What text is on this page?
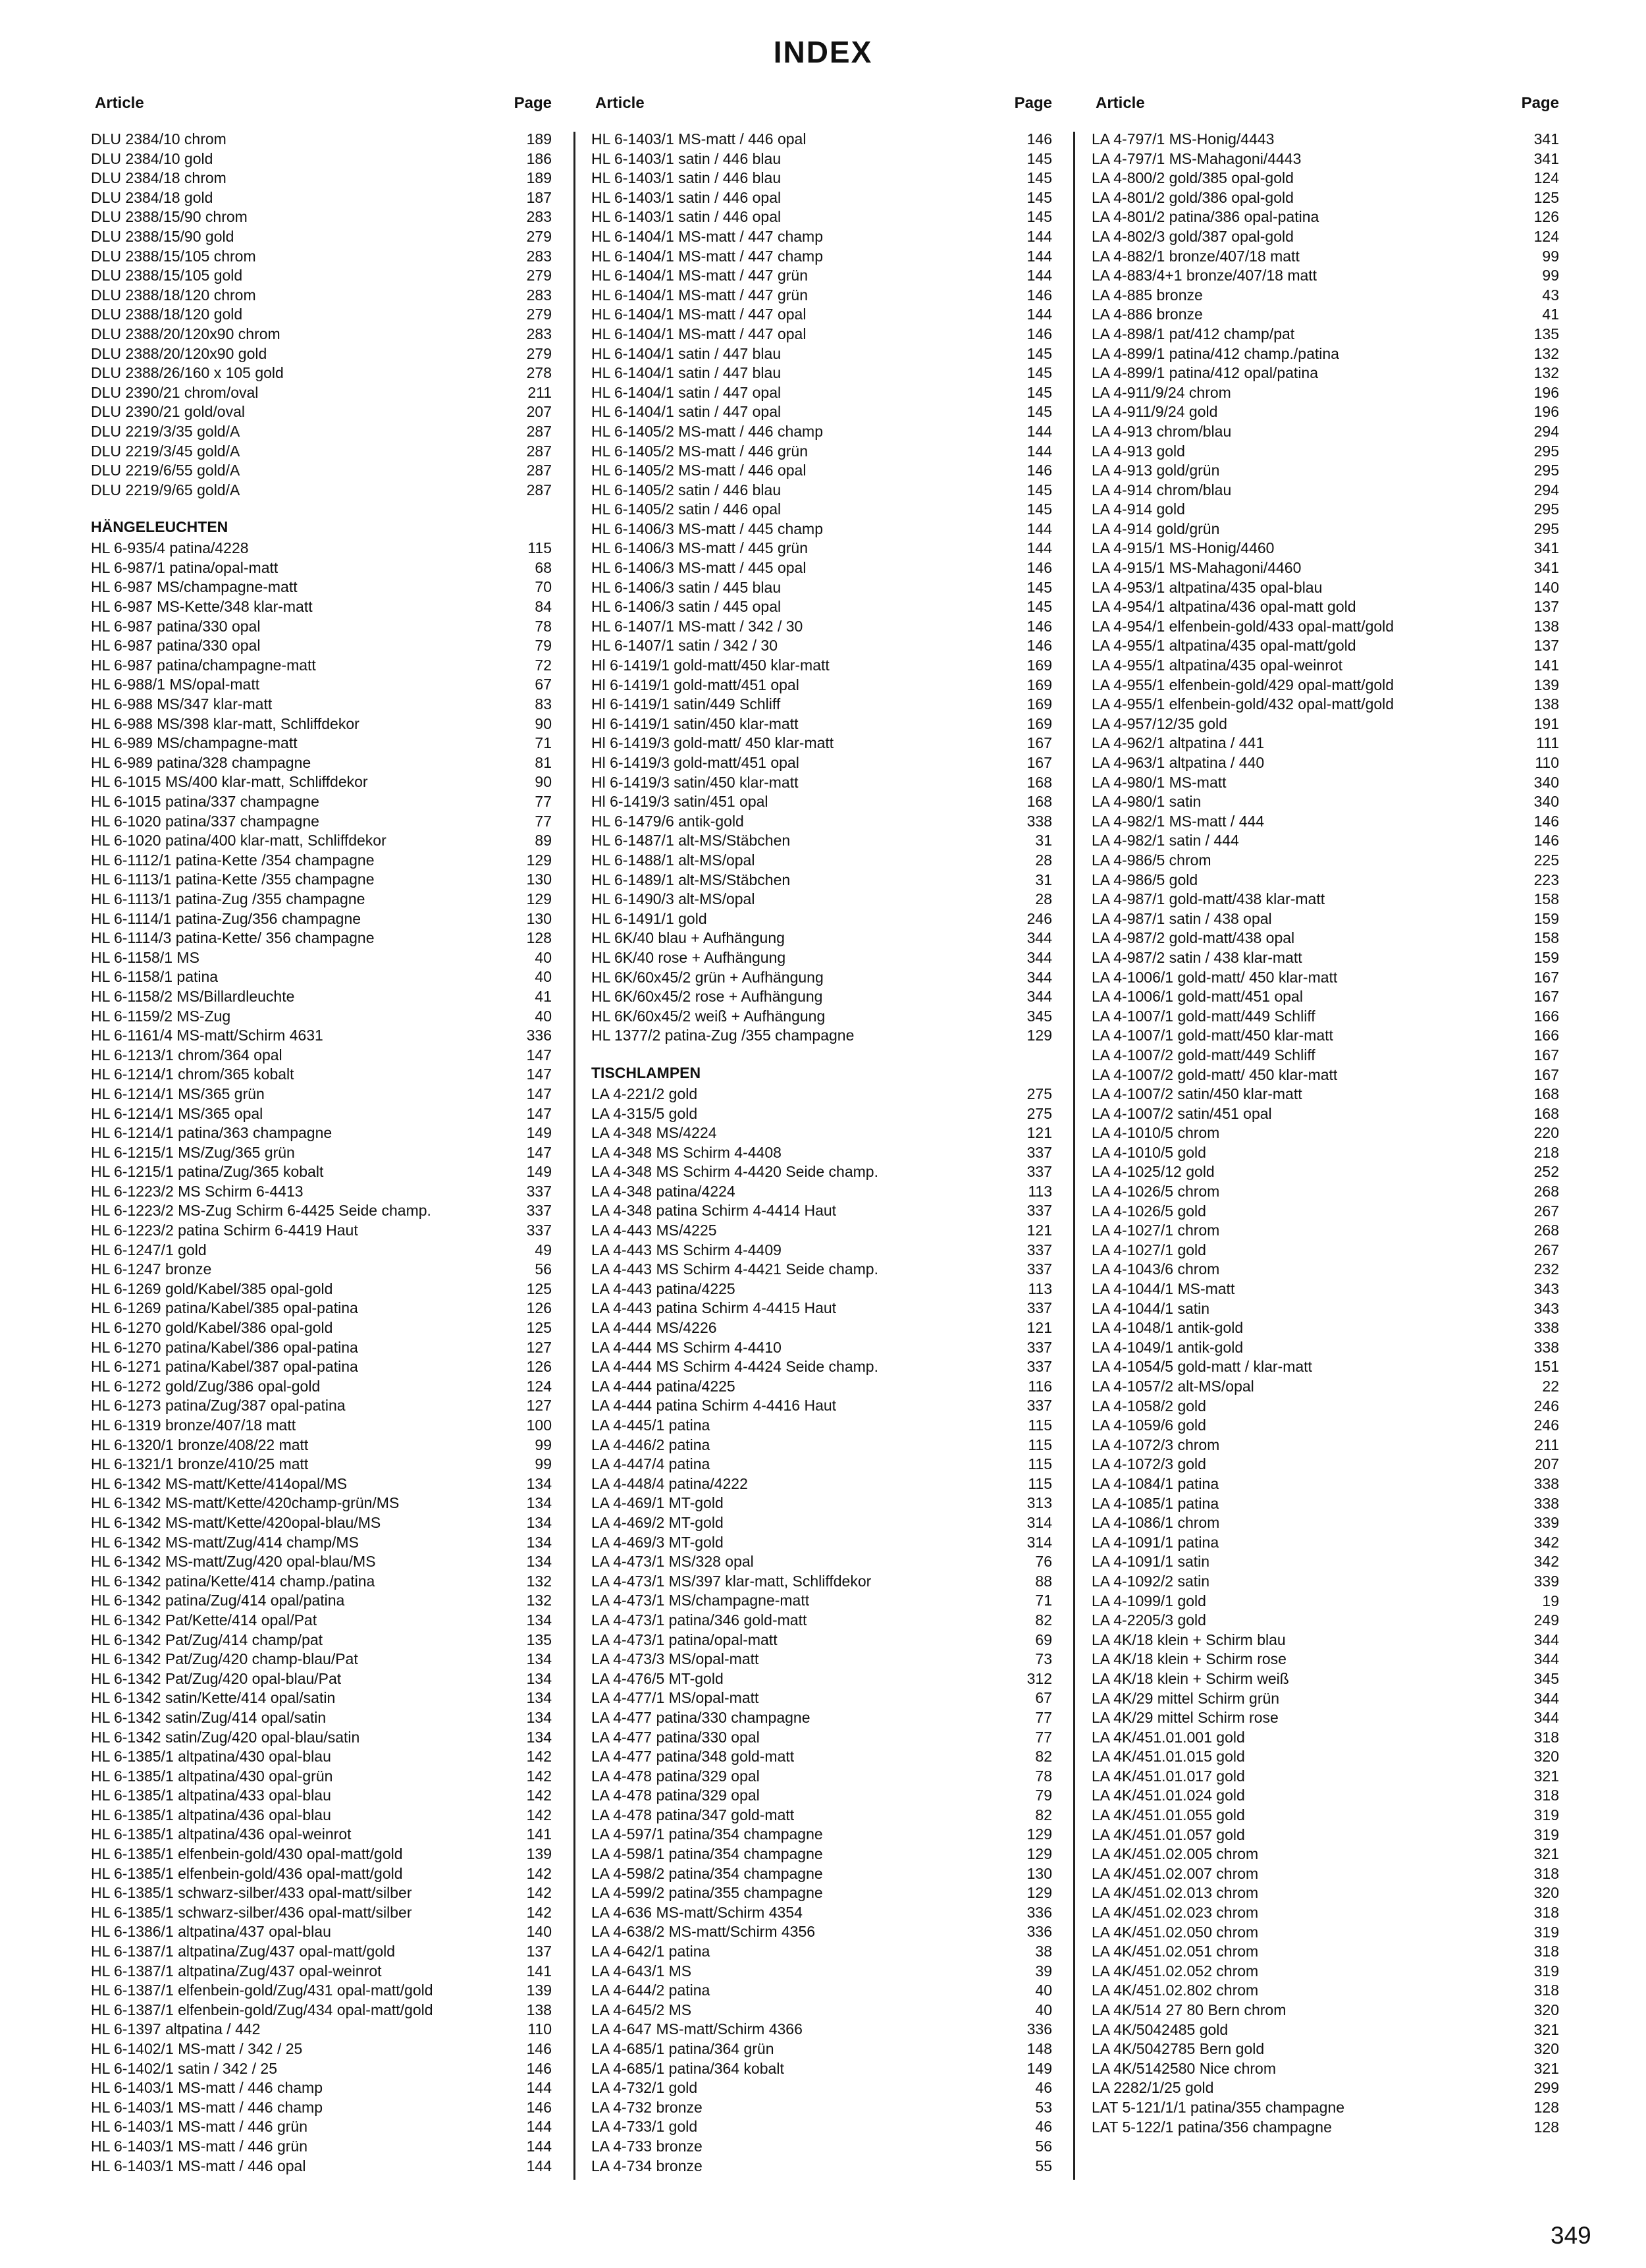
INDEX
Article	Page
DLU 2384/10 chrom	189
DLU 2384/10 gold	186
DLU 2384/18 chrom	189
DLU 2384/18 gold	187
DLU 2388/15/90 chrom	283
DLU 2388/15/90 gold	279
DLU 2388/15/105 chrom	283
DLU 2388/15/105 gold	279
DLU 2388/18/120 chrom	283
DLU 2388/18/120 gold	279
DLU 2388/20/120x90 chrom	283
DLU 2388/20/120x90 gold	279
DLU 2388/26/160 x 105 gold	278
DLU 2390/21 chrom/oval	211
DLU 2390/21 gold/oval	207
DLU 2219/3/35 gold/A	287
DLU 2219/3/45 gold/A	287
DLU 2219/6/55 gold/A	287
DLU 2219/9/65 gold/A	287
HÄNGELEUCHTEN
HL 6-935/4 patina/4228	115
HL 6-987/1 patina/opal-matt	68
HL 6-987 MS/champagne-matt	70
HL 6-987 MS-Kette/348 klar-matt	84
HL 6-987 patina/330 opal	78
HL 6-987 patina/330 opal	79
HL 6-987 patina/champagne-matt	72
HL 6-988/1 MS/opal-matt	67
HL 6-988 MS/347 klar-matt	83
HL 6-988 MS/398 klar-matt, Schliffdekor	90
HL 6-989 MS/champagne-matt	71
HL 6-989 patina/328 champagne	81
HL 6-1015 MS/400 klar-matt, Schliffdekor	90
HL 6-1015 patina/337 champagne	77
HL 6-1020 patina/337 champagne	77
HL 6-1020 patina/400 klar-matt, Schliffdekor	89
HL 6-1112/1 patina-Kette /354 champagne	129
HL 6-1113/1 patina-Kette /355 champagne	130
HL 6-1113/1 patina-Zug /355 champagne	129
HL 6-1114/1 patina-Zug/356 champagne	130
HL 6-1114/3 patina-Kette/ 356 champagne	128
HL 6-1158/1 MS	40
HL 6-1158/1 patina	40
HL 6-1158/2 MS/Billardleuchte	41
HL 6-1159/2 MS-Zug	40
HL 6-1161/4 MS-matt/Schirm 4631	336
HL 6-1213/1 chrom/364 opal	147
HL 6-1214/1 chrom/365 kobalt	147
HL 6-1214/1 MS/365 grün	147
HL 6-1214/1 MS/365 opal	147
HL 6-1214/1 patina/363 champagne	149
HL 6-1215/1 MS/Zug/365 grün	147
HL 6-1215/1 patina/Zug/365 kobalt	149
HL 6-1223/2 MS Schirm 6-4413	337
HL 6-1223/2 MS-Zug Schirm 6-4425 Seide champ.	337
HL 6-1223/2 patina Schirm 6-4419 Haut	337
HL 6-1247/1 gold	49
HL 6-1247 bronze	56
HL 6-1269 gold/Kabel/385 opal-gold	125
HL 6-1269 patina/Kabel/385 opal-patina	126
HL 6-1270 gold/Kabel/386 opal-gold	125
HL 6-1270 patina/Kabel/386 opal-patina	127
HL 6-1271 patina/Kabel/387 opal-patina	126
HL 6-1272 gold/Zug/386 opal-gold	124
HL 6-1273 patina/Zug/387 opal-patina	127
HL 6-1319 bronze/407/18 matt	100
HL 6-1320/1 bronze/408/22 matt	99
HL 6-1321/1 bronze/410/25 matt	99
HL 6-1342 MS-matt/Kette/414opal/MS	134
HL 6-1342 MS-matt/Kette/420champ-grün/MS	134
HL 6-1342 MS-matt/Kette/420opal-blau/MS	134
HL 6-1342 MS-matt/Zug/414 champ/MS	134
HL 6-1342 MS-matt/Zug/420 opal-blau/MS	134
HL 6-1342 patina/Kette/414 champ./patina	132
HL 6-1342 patina/Zug/414 opal/patina	132
HL 6-1342 Pat/Kette/414 opal/Pat	134
HL 6-1342 Pat/Zug/414 champ/pat	135
HL 6-1342 Pat/Zug/420 champ-blau/Pat	134
HL 6-1342 Pat/Zug/420 opal-blau/Pat	134
HL 6-1342 satin/Kette/414 opal/satin	134
HL 6-1342 satin/Zug/414 opal/satin	134
HL 6-1342 satin/Zug/420 opal-blau/satin	134
HL 6-1385/1 altpatina/430 opal-blau	142
HL 6-1385/1 altpatina/430 opal-grün	142
HL 6-1385/1 altpatina/433 opal-blau	142
HL 6-1385/1 altpatina/436 opal-blau	142
HL 6-1385/1 altpatina/436 opal-weinrot	141
HL 6-1385/1 elfenbein-gold/430 opal-matt/gold	139
HL 6-1385/1 elfenbein-gold/436 opal-matt/gold	142
HL 6-1385/1 schwarz-silber/433 opal-matt/silber	142
HL 6-1385/1 schwarz-silber/436 opal-matt/silber	142
HL 6-1386/1 altpatina/437 opal-blau	140
HL 6-1387/1 altpatina/Zug/437 opal-matt/gold	137
HL 6-1387/1 altpatina/Zug/437 opal-weinrot	141
HL 6-1387/1 elfenbein-gold/Zug/431 opal-matt/gold	139
HL 6-1387/1 elfenbein-gold/Zug/434 opal-matt/gold	138
HL 6-1397 altpatina / 442	110
HL 6-1402/1 MS-matt / 342 / 25	146
HL 6-1402/1 satin / 342 / 25	146
HL 6-1403/1 MS-matt / 446 champ	144
HL 6-1403/1 MS-matt / 446 champ	146
HL 6-1403/1 MS-matt / 446 grün	144
HL 6-1403/1 MS-matt / 446 grün	144
HL 6-1403/1 MS-matt / 446 opal	144
Article	Page
HL 6-1403/1 MS-matt / 446 opal	146
HL 6-1403/1 satin / 446 blau	145
HL 6-1403/1 satin / 446 blau	145
HL 6-1403/1 satin / 446 opal	145
HL 6-1403/1 satin / 446 opal	145
HL 6-1404/1 MS-matt / 447 champ	144
HL 6-1404/1 MS-matt / 447 champ	144
HL 6-1404/1 MS-matt / 447 grün	144
HL 6-1404/1 MS-matt / 447 grün	146
HL 6-1404/1 MS-matt / 447 opal	144
HL 6-1404/1 MS-matt / 447 opal	146
HL 6-1404/1 satin / 447 blau	145
HL 6-1404/1 satin / 447 blau	145
HL 6-1404/1 satin / 447 opal	145
HL 6-1404/1 satin / 447 opal	145
HL 6-1405/2 MS-matt / 446 champ	144
HL 6-1405/2 MS-matt / 446 grün	144
HL 6-1405/2 MS-matt / 446 opal	146
HL 6-1405/2 satin / 446 blau	145
HL 6-1405/2 satin / 446 opal	145
HL 6-1406/3 MS-matt / 445 champ	144
HL 6-1406/3 MS-matt / 445 grün	144
HL 6-1406/3 MS-matt / 445 opal	146
HL 6-1406/3 satin / 445 blau	145
HL 6-1406/3 satin / 445 opal	145
HL 6-1407/1 MS-matt / 342 / 30	146
HL 6-1407/1 satin / 342 / 30	146
Hl 6-1419/1 gold-matt/450 klar-matt	169
Hl 6-1419/1 gold-matt/451 opal	169
Hl 6-1419/1 satin/449 Schliff	169
Hl 6-1419/1 satin/450 klar-matt	169
Hl 6-1419/3 gold-matt/ 450 klar-matt	167
Hl 6-1419/3 gold-matt/451 opal	167
Hl 6-1419/3 satin/450 klar-matt	168
Hl 6-1419/3 satin/451 opal	168
HL 6-1479/6 antik-gold	338
HL 6-1487/1 alt-MS/Stäbchen	31
HL 6-1488/1 alt-MS/opal	28
HL 6-1489/1 alt-MS/Stäbchen	31
HL 6-1490/3 alt-MS/opal	28
HL 6-1491/1 gold	246
HL 6K/40 blau + Aufhängung	344
HL 6K/40 rose + Aufhängung	344
HL 6K/60x45/2 grün + Aufhängung	344
HL 6K/60x45/2 rose + Aufhängung	344
HL 6K/60x45/2 weiß + Aufhängung	345
HL 1377/2 patina-Zug /355 champagne	129
TISCHLAMPEN
LA 4-221/2 gold	275
LA 4-315/5 gold	275
LA 4-348 MS/4224	121
LA 4-348 MS Schirm 4-4408	337
LA 4-348 MS Schirm 4-4420 Seide champ.	337
LA 4-348 patina/4224	113
LA 4-348 patina Schirm 4-4414 Haut	337
LA 4-443 MS/4225	121
LA 4-443 MS Schirm 4-4409	337
LA 4-443 MS Schirm 4-4421 Seide champ.	337
LA 4-443 patina/4225	113
LA 4-443 patina Schirm 4-4415 Haut	337
LA 4-444 MS/4226	121
LA 4-444 MS Schirm 4-4410	337
LA 4-444 MS Schirm 4-4424 Seide champ.	337
LA 4-444 patina/4225	116
LA 4-444 patina Schirm 4-4416 Haut	337
LA 4-445/1 patina	115
LA 4-446/2 patina	115
LA 4-447/4 patina	115
LA 4-448/4 patina/4222	115
LA 4-469/1 MT-gold	313
LA 4-469/2 MT-gold	314
LA 4-469/3 MT-gold	314
LA 4-473/1 MS/328 opal	76
LA 4-473/1 MS/397 klar-matt, Schliffdekor	88
LA 4-473/1 MS/champagne-matt	71
LA 4-473/1 patina/346 gold-matt	82
LA 4-473/1 patina/opal-matt	69
LA 4-473/3 MS/opal-matt	73
LA 4-476/5 MT-gold	312
LA 4-477/1 MS/opal-matt	67
LA 4-477 patina/330 champagne	77
LA 4-477 patina/330 opal	77
LA 4-477 patina/348 gold-matt	82
LA 4-478 patina/329 opal	78
LA 4-478 patina/329 opal	79
LA 4-478 patina/347 gold-matt	82
LA 4-597/1 patina/354 champagne	129
LA 4-598/1 patina/354 champagne	129
LA 4-598/2 patina/354 champagne	130
LA 4-599/2 patina/355 champagne	129
LA 4-636 MS-matt/Schirm 4354	336
LA 4-638/2 MS-matt/Schirm 4356	336
LA 4-642/1 patina	38
LA 4-643/1 MS	39
LA 4-644/2 patina	40
LA 4-645/2 MS	40
LA 4-647 MS-matt/Schirm 4366	336
LA 4-685/1 patina/364 grün	148
LA 4-685/1 patina/364 kobalt	149
LA 4-732/1 gold	46
LA 4-732 bronze	53
LA 4-733/1 gold	46
LA 4-733 bronze	56
LA 4-734 bronze	55
Article	Page
LA 4-797/1 MS-Honig/4443	341
LA 4-797/1 MS-Mahagoni/4443	341
LA 4-800/2 gold/385 opal-gold	124
LA 4-801/2 gold/386 opal-gold	125
LA 4-801/2 patina/386 opal-patina	126
LA 4-802/3 gold/387 opal-gold	124
LA 4-882/1 bronze/407/18 matt	99
LA 4-883/4+1 bronze/407/18 matt	99
LA 4-885 bronze	43
LA 4-886 bronze	41
LA 4-898/1 pat/412 champ/pat	135
LA 4-899/1 patina/412 champ./patina	132
LA 4-899/1 patina/412 opal/patina	132
LA 4-911/9/24 chrom	196
LA 4-911/9/24 gold	196
LA 4-913 chrom/blau	294
LA 4-913 gold	295
LA 4-913 gold/grün	295
LA 4-914 chrom/blau	294
LA 4-914 gold	295
LA 4-914 gold/grün	295
LA 4-915/1 MS-Honig/4460	341
LA 4-915/1 MS-Mahagoni/4460	341
LA 4-953/1 altpatina/435 opal-blau	140
LA 4-954/1 altpatina/436 opal-matt gold	137
LA 4-954/1 elfenbein-gold/433 opal-matt/gold	138
LA 4-955/1 altpatina/435 opal-matt/gold	137
LA 4-955/1 altpatina/435 opal-weinrot	141
LA 4-955/1 elfenbein-gold/429 opal-matt/gold	139
LA 4-955/1 elfenbein-gold/432 opal-matt/gold	138
LA 4-957/12/35 gold	191
LA 4-962/1 altpatina / 441	111
LA 4-963/1 altpatina / 440	110
LA 4-980/1 MS-matt	340
LA 4-980/1 satin	340
LA 4-982/1 MS-matt / 444	146
LA 4-982/1 satin / 444	146
LA 4-986/5 chrom	225
LA 4-986/5 gold	223
LA 4-987/1 gold-matt/438 klar-matt	158
LA 4-987/1 satin / 438 opal	159
LA 4-987/2 gold-matt/438 opal	158
LA 4-987/2 satin / 438 klar-matt	159
LA 4-1006/1 gold-matt/ 450 klar-matt	167
LA 4-1006/1 gold-matt/451 opal	167
LA 4-1007/1 gold-matt/449 Schliff	166
LA 4-1007/1 gold-matt/450 klar-matt	166
LA 4-1007/2 gold-matt/449 Schliff	167
LA 4-1007/2 gold-matt/ 450 klar-matt	167
LA 4-1007/2 satin/450 klar-matt	168
LA 4-1007/2 satin/451 opal	168
LA 4-1010/5 chrom	220
LA 4-1010/5 gold	218
LA 4-1025/12 gold	252
LA 4-1026/5 chrom	268
LA 4-1026/5 gold	267
LA 4-1027/1 chrom	268
LA 4-1027/1 gold	267
LA 4-1043/6 chrom	232
LA 4-1044/1 MS-matt	343
LA 4-1044/1 satin	343
LA 4-1048/1 antik-gold	338
LA 4-1049/1 antik-gold	338
LA 4-1054/5 gold-matt / klar-matt	151
LA 4-1057/2 alt-MS/opal	22
LA 4-1058/2 gold	246
LA 4-1059/6 gold	246
LA 4-1072/3 chrom	211
LA 4-1072/3 gold	207
LA 4-1084/1 patina	338
LA 4-1085/1 patina	338
LA 4-1086/1 chrom	339
LA 4-1091/1 patina	342
LA 4-1091/1 satin	342
LA 4-1092/2 satin	339
LA 4-1099/1 gold	19
LA 4-2205/3 gold	249
LA 4K/18 klein + Schirm blau	344
LA 4K/18 klein + Schirm rose	344
LA 4K/18 klein + Schirm weiß	345
LA 4K/29 mittel Schirm grün	344
LA 4K/29 mittel Schirm rose	344
LA 4K/451.01.001 gold	318
LA 4K/451.01.015 gold	320
LA 4K/451.01.017 gold	321
LA 4K/451.01.024 gold	318
LA 4K/451.01.055 gold	319
LA 4K/451.01.057 gold	319
LA 4K/451.02.005 chrom	321
LA 4K/451.02.007 chrom	318
LA 4K/451.02.013 chrom	320
LA 4K/451.02.023 chrom	318
LA 4K/451.02.050 chrom	319
LA 4K/451.02.051 chrom	318
LA 4K/451.02.052 chrom	319
LA 4K/451.02.802 chrom	318
LA 4K/514 27 80 Bern chrom	320
LA 4K/5042485 gold	321
LA 4K/5042785 Bern gold	320
LA 4K/5142580 Nice chrom	321
LA 2282/1/25 gold	299
LAT 5-121/1/1 patina/355 champagne	128
LAT 5-122/1 patina/356 champagne	128
349
